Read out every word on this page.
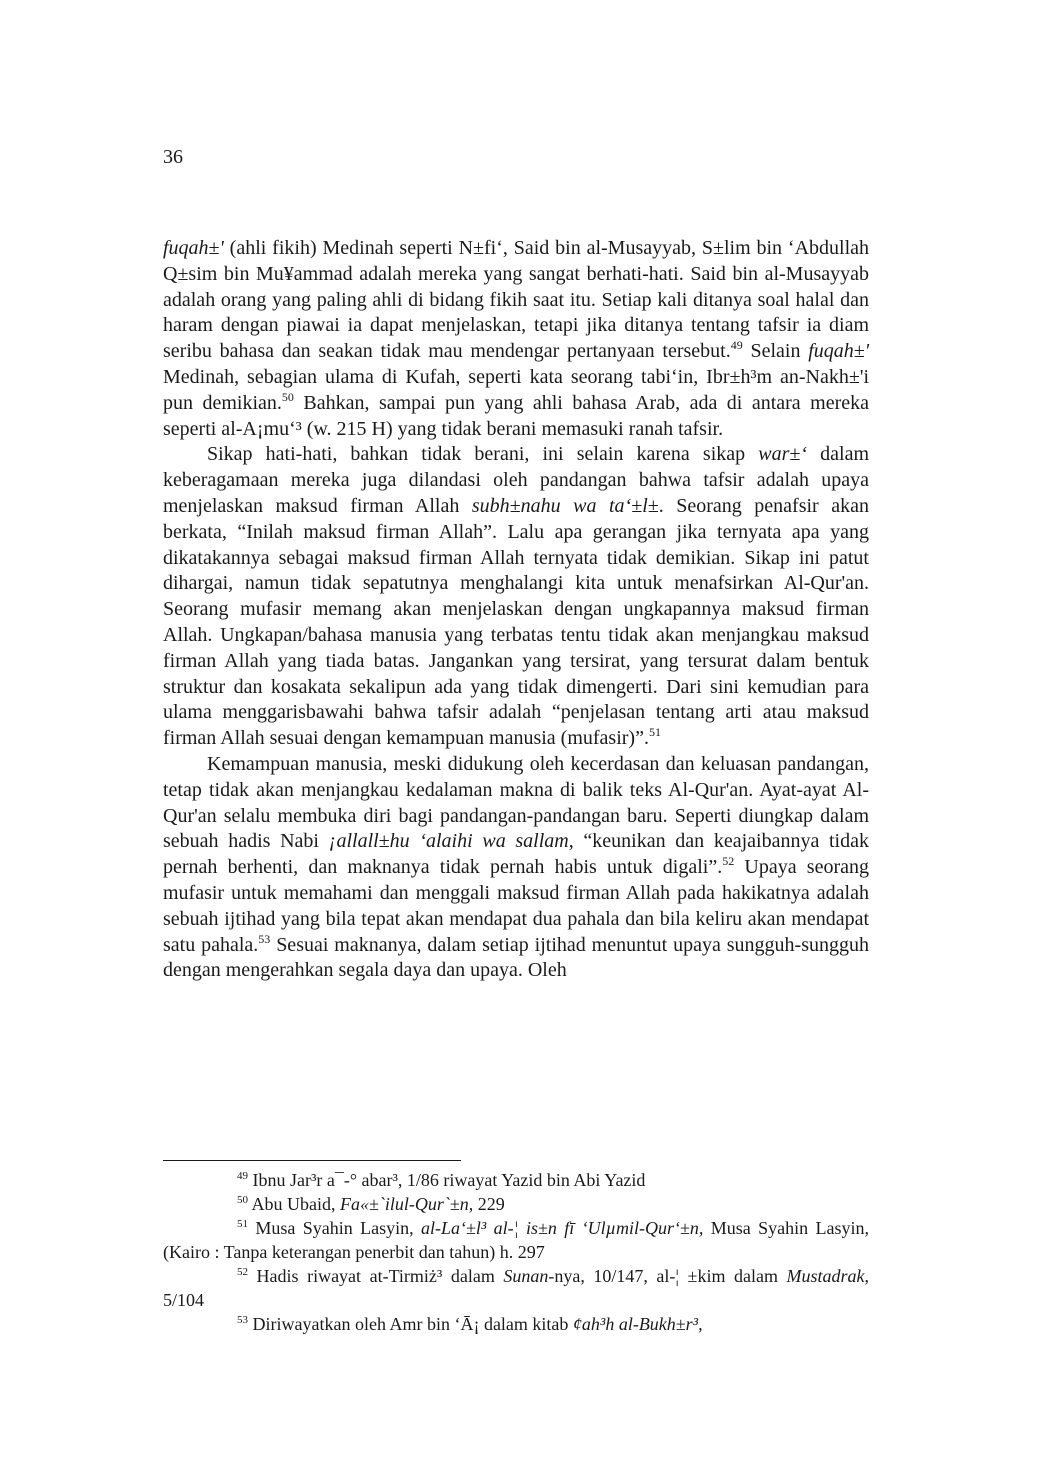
36

fuqah±' (ahli fikih) Medinah seperti N±fi‘, Said bin al-Musayyab, S±lim bin ‘Abdullah Q±sim bin Mu¥ammad adalah mereka yang sangat berhati-hati. Said bin al-Musayyab adalah orang yang paling ahli di bidang fikih saat itu. Setiap kali ditanya soal halal dan haram dengan piawai ia dapat menjelaskan, tetapi jika ditanya tentang tafsir ia diam seribu bahasa dan seakan tidak mau mendengar pertanyaan tersebut.$^{49}$ Selain fuqah±' Medinah, sebagian ulama di Kufah, seperti kata seorang tabi‘in, Ibr±h³m an-Nakh±'i pun demikian.$^{50}$ Bahkan, sampai pun yang ahli bahasa Arab, ada di antara mereka seperti al-A¡mu‘³ (w. 215 H) yang tidak berani memasuki ranah tafsir.

Sikap hati-hati, bahkan tidak berani, ini selain karena sikap war±‘ dalam keberagamaan mereka juga dilandasi oleh pandangan bahwa tafsir adalah upaya menjelaskan maksud firman Allah subh±nahu wa ta‘±l±. Seorang penafsir akan berkata, “Inilah maksud firman Allah”. Lalu apa gerangan jika ternyata apa yang dikatakannya sebagai maksud firman Allah ternyata tidak demikian. Sikap ini patut dihargai, namun tidak sepatutnya menghalangi kita untuk menafsirkan Al-Qur'an. Seorang mufasir memang akan menjelaskan dengan ungkapannya maksud firman Allah. Ungkapan/bahasa manusia yang terbatas tentu tidak akan menjangkau maksud firman Allah yang tiada batas. Jangankan yang tersirat, yang tersurat dalam bentuk struktur dan kosakata sekalipun ada yang tidak dimengerti. Dari sini kemudian para ulama menggarisbawahi bahwa tafsir adalah “penjelasan tentang arti atau maksud firman Allah sesuai dengan kemampuan manusia (mufasir)”.$^{51}$

Kemampuan manusia, meski didukung oleh kecerdasan dan keluasan pandangan, tetap tidak akan menjangkau kedalaman makna di balik teks Al-Qur'an. Ayat-ayat Al-Qur'an selalu membuka diri bagi pandangan-pandangan baru. Seperti diungkap dalam sebuah hadis Nabi ¡allall±hu ‘alaihi wa sallam, “keunikan dan keajaibannya tidak pernah berhenti, dan maknanya tidak pernah habis untuk digali”.$^{52}$ Upaya seorang mufasir untuk memahami dan menggali maksud firman Allah pada hakikatnya adalah sebuah ijtihad yang bila tepat akan mendapat dua pahala dan bila keliru akan mendapat satu pahala.$^{53}$ Sesuai maknanya, dalam setiap ijtihad menuntut upaya sungguh-sungguh dengan mengerahkan segala daya dan upaya. Oleh

$^{49}$ Ibnu Jar³r a¯-° abar³, 1/86 riwayat Yazid bin Abi Yazid

$^{50}$ Abu Ubaid, Fa«±`ilul-Qur`±n, 229

$^{51}$ Musa Syahin Lasyin, al-La‘±l³ al-¦ is±n fī ‘Ulµmil-Qur‘±n, Musa Syahin Lasyin, (Kairo : Tanpa keterangan penerbit dan tahun) h. 297

$^{52}$ Hadis riwayat at-Tirmiż³ dalam Sunan-nya, 10/147, al-¦ ±kim dalam Mustadrak, 5/104

$^{53}$ Diriwayatkan oleh Amr bin ‘Ā¡ dalam kitab ¢ah³h al-Bukh±r³,
